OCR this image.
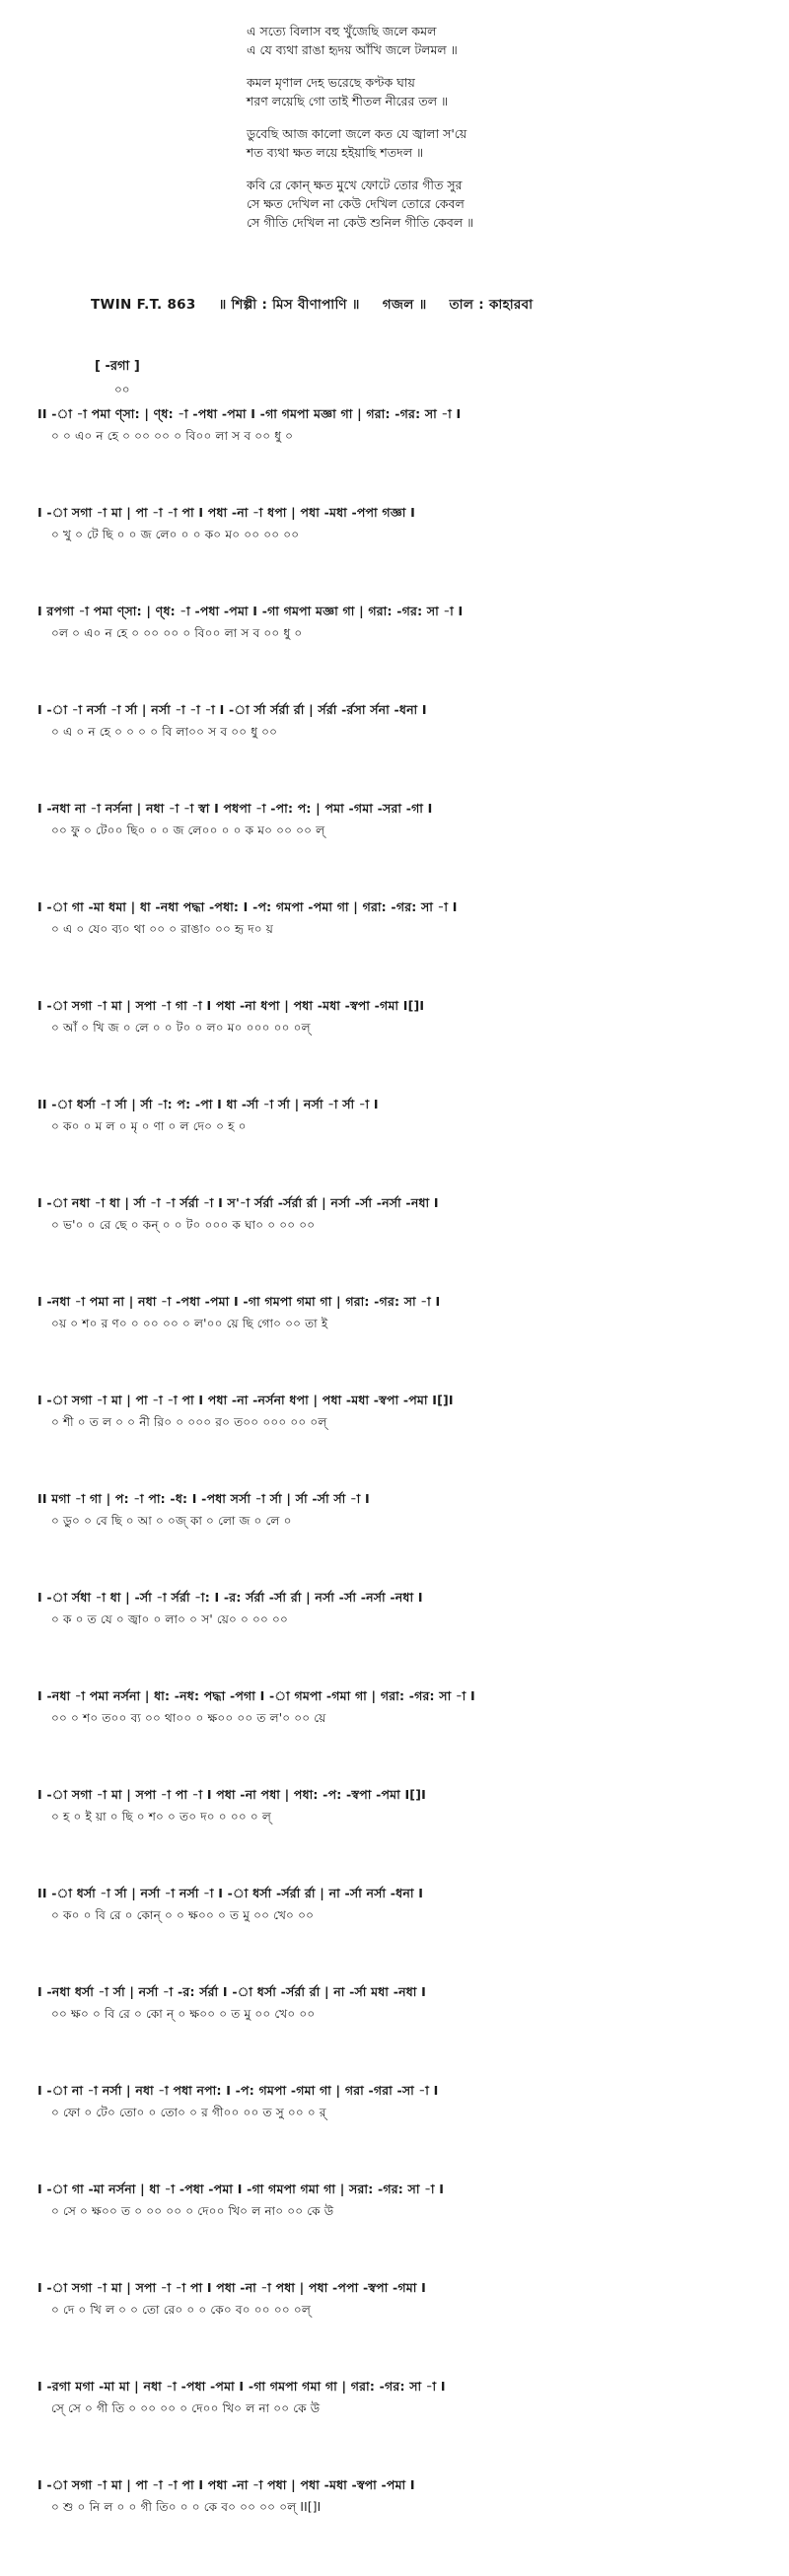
এ সত্যে বিলাস বহু খুঁজেছি জলে কমল
এ যে ব্যথা রাঙা হৃদয় আঁখি জলে টলমল ॥
কমল মৃণাল দেহ ভরেছে কণ্টক ঘায়
শরণ লয়েছি গো তাই শীতল নীরের তল ॥
ডুবেছি আজ কালো জলে কত যে জ্বালা স'য়ে
শত ব্যথা ক্ষত লয়ে হইয়াছি শতদল ॥
কবি রে কোন্ ক্ষত মুখে ফোটে তোর গীত সুর
সে ক্ষত দেখিল না কেউ দেখিল তোরে কেবল
সে গীতি দেখিল না কেউ শুনিল গীতি কেবল ॥
TWIN F.T. 863 ॥ শিল্পী : মিস বীণাপাণি ॥ গজল ॥ তাল : কাহারবা
[ -রগা ]
০০
II -া -া পমা ণ্সা: | ণ্ধ: -া -পধা -পমা I -গা গমপা মজ্ঞা গা | গরা: -গর: সা -া I
০ ০ এ০ ন হে ০ ০০ ০০ ০ বি০০ লা স ব ০০ ধু ০
I -া সগা -া মা | পা -া -া পা I পধা -না -া ধপা | পধা -মধা -পপা গজ্ঞা I
০ খু ০ টে ছি ০ ০ জ লে০ ০ ০ ক০ ম০ ০০ ০০ ০০
I রপগা -া পমা ণ্সা: | ণ্ধ: -া -পধা -পমা I -গা গমপা মজ্ঞা গা | গরা: -গর: সা -া I
০ল ০ এ০ ন হে ০ ০০ ০০ ০ বি০০ লা স ব ০০ ধু ০
I -া -া নর্সা -া র্সা | নর্সা -া -া -া I -া র্সা র্সর্রা র্রা | র্সর্রা -র্রসা র্সনা -ধনা I
০ এ ০ ন হে ০ ০ ০ ০ বি লা০০ স ব ০০ ধু ০০
I -নধা না -া নর্সনা | নধা -া -া স্বা I পধপা -া -পা: প: | পমা -গমা -সরা -গা I
০০ ফু ০ টে০০ ছি০ ০ ০ জ লে০০ ০ ০ ক ম০ ০০ ০০ ল্
I -া গা -মা ধমা | ধা -নধা পদ্ধা -পধা: I -প: গমপা -পমা গা | গরা: -গর: সা -া I
০ এ ০ যে০ ব্য০ থা ০০ ০ রাঙা০ ০০ হৃ দ০ য়
I -া সগা -া মা | সপা -া গা -া I পধা -না ধপা | পধা -মধা -স্বপা -গমা I[]I
০ আঁ ০ খি জ ০ লে ০ ০ ট০ ০ ল০ ম০ ০০০ ০০ ০ল্
II -া ধর্সা -া র্সা | র্সা -া: প: -পা I ধা -র্সা -া র্সা | নর্সা -া র্সা -া I
০ ক০ ০ ম ল ০ মৃ ০ ণা ০ ল দে০ ০ হ ০
I -া নধা -া ধা | র্সা -া -া র্সর্রা -া I স'-া র্সর্রা -র্সর্রা র্রা | নর্সা -র্সা -নর্সা -নধা I
০ ভ'০ ০ রে ছে ০ কন্ ০ ০ ট০ ০০০ ক ঘা০ ০ ০০ ০০
I -নধা -া পমা না | নধা -া -পধা -পমা I -গা গমপা গমা গা | গরা: -গর: সা -া I
০য় ০ শ০ র ণ০ ০ ০০ ০০ ০ ল'০০ য়ে ছি গো০ ০০ তা ই
I -া সগা -া মা | পা -া -া পা I পধা -না -নর্সনা ধপা | পধা -মধা -স্বপা -পমা I[]I
০ শী ০ ত ল ০ ০ নী রি০ ০ ০০০ র০ ত০০ ০০০ ০০ ০ল্
II মগা -া গা | প: -া পা: -ধ: I -পধা সর্সা -া র্সা | র্সা -র্সা র্সা -া I
০ ডু০ ০ বে ছি ০ আ ০ ০জ্ কা ০ লো জ ০ লে ০
I -া র্সধা -া ধা | -র্সা -া র্সর্রা -া: I -র: র্সর্রা -র্সা র্রা | নর্সা -র্সা -নর্সা -নধা I
০ ক ০ ত যে ০ জ্বা০ ০ লা০ ০ স' য়ে০ ০ ০০ ০০
I -নধা -া পমা নর্সনা | ধা: -নধ: পদ্ধা -পগা I -া গমপা -গমা গা | গরা: -গর: সা -া I
০০ ০ শ০ ত০০ ব্য ০০ থা০০ ০ ক্ষ০০ ০০ ত ল'০ ০০ য়ে
I -া সগা -া মা | সপা -া পা -া I পধা -না পধা | পধা: -প: -স্বপা -পমা I[]I
০ হ ০ ই য়া ০ ছি ০ শ০ ০ ত০ দ০ ০ ০০ ০ ল্
II -া ধর্সা -া র্সা | নর্সা -া নর্সা -া I -া ধর্সা -র্সর্রা র্রা | না -র্সা নর্সা -ধনা I
০ ক০ ০ বি রে ০ কোন্ ০ ০ ক্ষ০০ ০ ত মু ০০ খে০ ০০
I -নধা ধর্সা -া র্সা | নর্সা -া -র: র্সর্রা I -া ধর্সা -র্সর্রা র্রা | না -র্সা মধা -নধা I
০০ ক্ষ০ ০ বি রে ০ কো ন্ ০ ক্ষ০০ ০ ত মু ০০ খে০ ০০
I -া না -া নর্সা | নধা -া পধা নপা: I -প: গমপা -গমা গা | গরা -গরা -সা -া I
০ ফো ০ টে০ তো০ ০ তো০ ০ র গী০০ ০০ ত সু ০০ ০ র্
I -া গা -মা নর্সনা | ধা -া -পধা -পমা I -গা গমপা গমা গা | সরা: -গর: সা -া I
০ সে ০ ক্ষ০০ ত ০ ০০ ০০ ০ দে০০ খি০ ল না০ ০০ কে উ
I -া সগা -া মা | সপা -া -া পা I পধা -না -া পধা | পধা -পপা -স্বপা -গমা I
০ দে ০ খি ল ০ ০ তো রে০ ০ ০ কে০ ব০ ০০ ০০ ০ল্
I -রগা মগা -মা মা | নধা -া -পধা -পমা I -গা গমপা গমা গা | গরা: -গর: সা -া I
সে্ সে ০ গী তি ০ ০০ ০০ ০ দে০০ খি০ ল না ০০ কে উ
I -া সগা -া মা | পা -া -া পা I পধা -না -া পধা | পধা -মধা -স্বপা -পমা I
০ শু ০ নি ল ০ ০ গী তি০ ০ ০ কে ব০ ০০ ০০ ০ল্ II[]I
